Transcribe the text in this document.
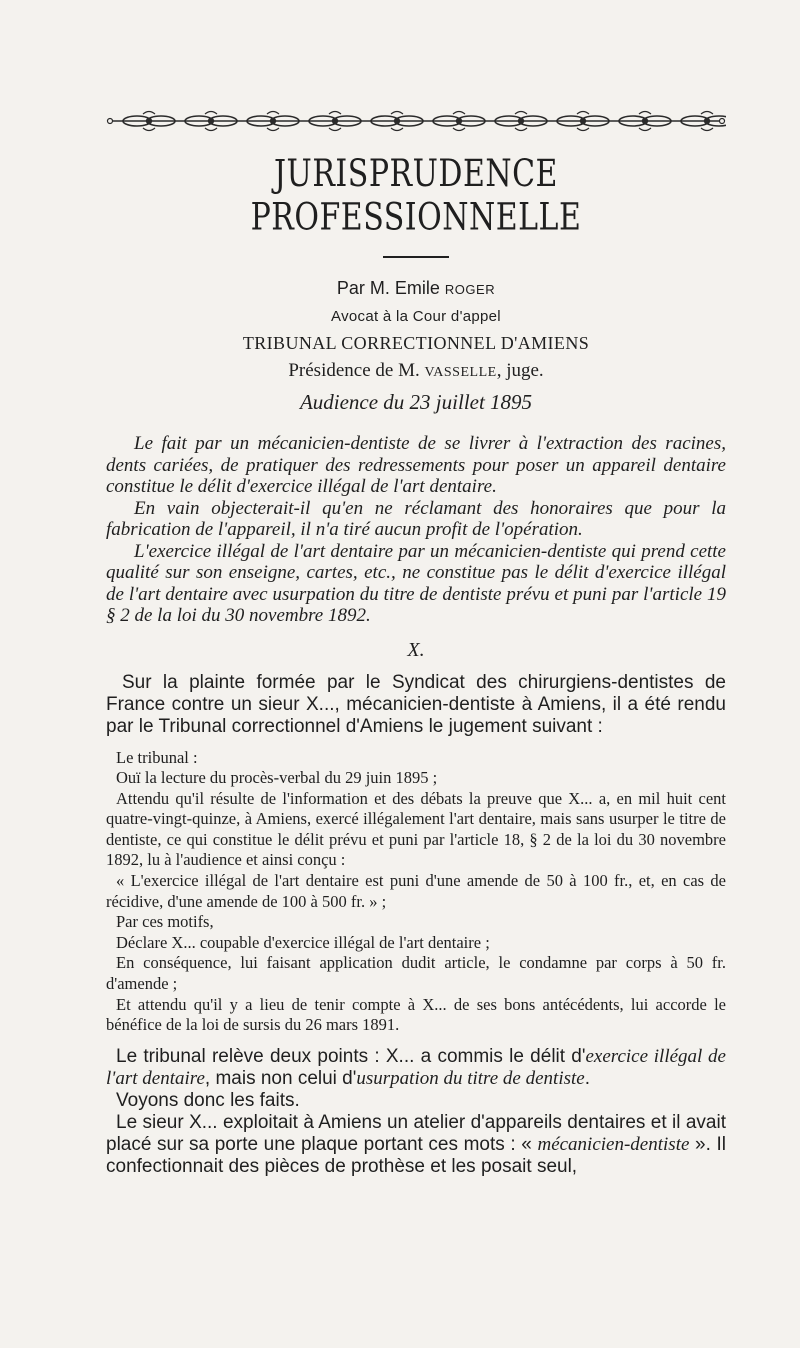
JURISPRUDENCE PROFESSIONNELLE
Par M. Emile ROGER
Avocat à la Cour d'appel
TRIBUNAL CORRECTIONNEL D'AMIENS
Présidence de M. VASSELLE, juge.
Audience du 23 juillet 1895

Le fait par un mécanicien-dentiste de se livrer à l'extraction des racines, dents cariées, de pratiquer des redressements pour poser un appareil dentaire constitue le délit d'exercice illégal de l'art dentaire.

En vain objecterait-il qu'en ne réclamant des honoraires que pour la fabrication de l'appareil, il n'a tiré aucun profit de l'opération.

L'exercice illégal de l'art dentaire par un mécanicien-dentiste qui prend cette qualité sur son enseigne, cartes, etc., ne constitue pas le délit d'exercice illégal de l'art dentaire avec usurpation du titre de dentiste prévu et puni par l'article 19 § 2 de la loi du 30 novembre 1892.

X.

Sur la plainte formée par le Syndicat des chirurgiens-dentistes de France contre un sieur X..., mécanicien-dentiste à Amiens, il a été rendu par le Tribunal correctionnel d'Amiens le jugement suivant :

Le tribunal :

Ouï la lecture du procès-verbal du 29 juin 1895 ;

Attendu qu'il résulte de l'information et des débats la preuve que X... a, en mil huit cent quatre-vingt-quinze, à Amiens, exercé illégalement l'art dentaire, mais sans usurper le titre de dentiste, ce qui constitue le délit prévu et puni par l'article 18, § 2 de la loi du 30 novembre 1892, lu à l'audience et ainsi conçu :

« L'exercice illégal de l'art dentaire est puni d'une amende de 50 à 100 fr., et, en cas de récidive, d'une amende de 100 à 500 fr. » ;

Par ces motifs,

Déclare X... coupable d'exercice illégal de l'art dentaire ;

En conséquence, lui faisant application dudit article, le condamne par corps à 50 fr. d'amende ;

Et attendu qu'il y a lieu de tenir compte à X... de ses bons antécédents, lui accorde le bénéfice de la loi de sursis du 26 mars 1891.

Le tribunal relève deux points : X... a commis le délit d'exercice illégal de l'art dentaire, mais non celui d'usurpation du titre de dentiste.

Voyons donc les faits.

Le sieur X... exploitait à Amiens un atelier d'appareils dentaires et il avait placé sur sa porte une plaque portant ces mots : « mécanicien-dentiste ». Il confectionnait des pièces de prothèse et les posait seul,
